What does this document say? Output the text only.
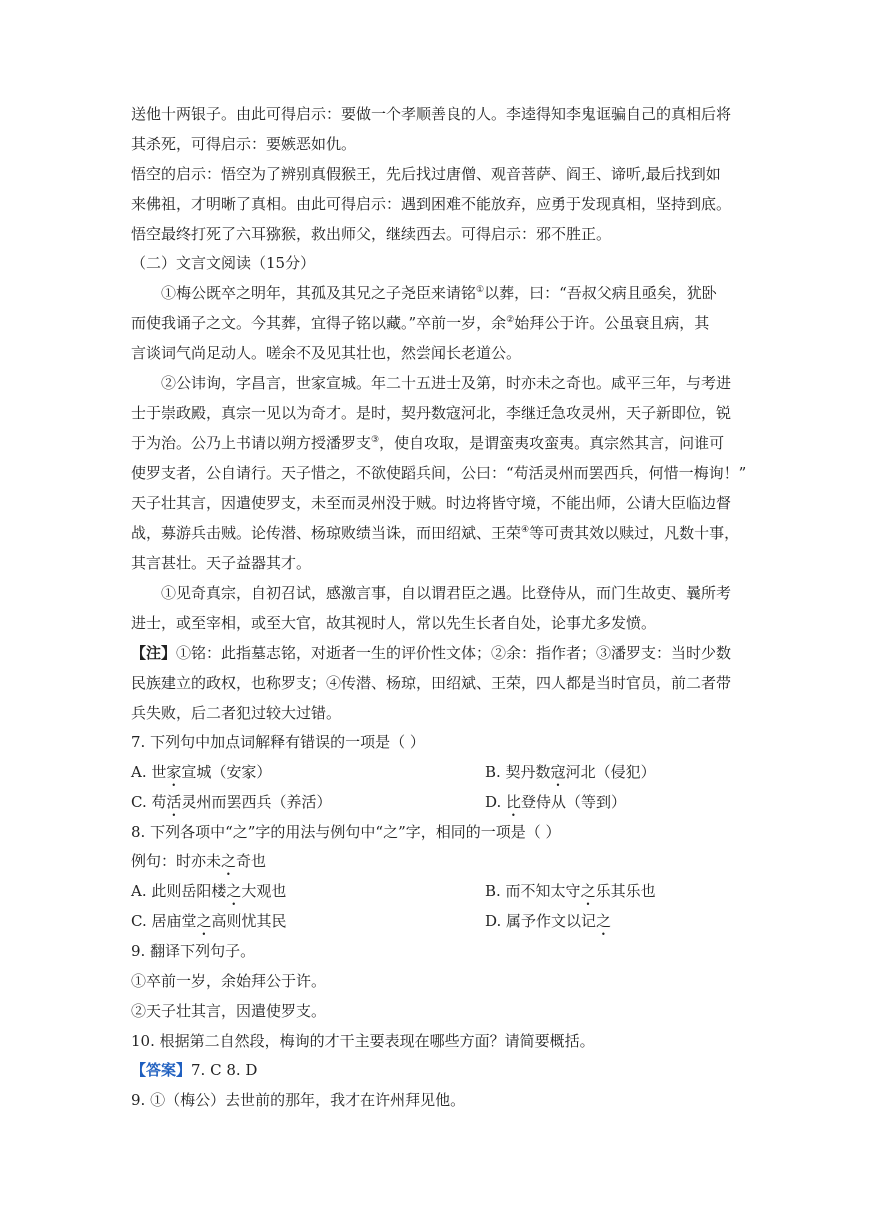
送他十两银子。由此可得启示：要做一个孝顺善良的人。李逵得知李鬼诓骗自己的真相后将
其杀死，可得启示：要嫉恶如仇。
悟空的启示：悟空为了辨别真假猴王，先后找过唐僧、观音菩萨、阎王、谛听,最后找到如
来佛祖，才明晰了真相。由此可得启示：遇到困难不能放弃，应勇于发现真相，坚持到底。
悟空最终打死了六耳猕猴，救出师父，继续西去。可得启示：邪不胜正。
（二）文言文阅读（15分）
①梅公既卒之明年，其孤及其兄之子尧臣来请铭①以葬，曰：“吾叔父病且亟矣，犹卧
而使我诵子之文。今其葬，宜得子铭以藏。”卒前一岁，余②始拜公于许。公虽衰且病，其
言谈词气尚足动人。嗟余不及见其壮也，然尝闻长老道公。
②公讳询，字昌言，世家宣城。年二十五进士及第，时亦未之奇也。咸平三年，与考进
士于崇政殿，真宗一见以为奇才。是时，契丹数寇河北，李继迁急攻灵州，天子新即位，锐
于为治。公乃上书请以朔方授潘罗支③，使自攻取，是谓蛮夷攻蛮夷。真宗然其言，问谁可
使罗支者，公自请行。天子惜之，不欲使蹈兵间，公曰：“苟活灵州而罢西兵，何惜一梅询！”
天子壮其言，因遣使罗支，未至而灵州没于贼。时边将皆守境，不能出师，公请大臣临边督
战，募游兵击贼。论传潜、杨琼败绩当诛，而田绍斌、王荣④等可责其效以赎过，凡数十事，
其言甚壮。天子益器其才。
①见奇真宗，自初召试，感激言事，自以谓君臣之遇。比登侍从，而门生故吏、曩所考
进士，或至宰相，或至大官，故其视时人，常以先生长者自处，论事尤多发愤。
【注】①铭：此指墓志铭，对逝者一生的评价性文体；②余：指作者；③潘罗支：当时少数
民族建立的政权，也称罗支；④传潜、杨琼，田绍斌、王荣，四人都是当时官员，前二者带
兵失败，后二者犯过较大过错。
7. 下列句中加点词解释有错误的一项是（ ）
A. 世家宣城（安家）	B. 契丹数寇河北（侵犯）
C. 苟活灵州而罢西兵（养活）	D. 比登侍从（等到）
8. 下列各项中“之”字的用法与例句中“之”字，相同的一项是（ ）
例句：时亦未之奇也
A. 此则岳阳楼之大观也	B. 而不知太守之乐其乐也
C. 居庙堂之高则忧其民	D. 属予作文以记之
9. 翻译下列句子。
①卒前一岁，余始拜公于许。
②天子壮其言，因遣使罗支。
10. 根据第二自然段，梅询的才干主要表现在哪些方面？请简要概括。
【答案】7. C 8. D
9. ①（梅公）去世前的那年，我才在许州拜见他。
